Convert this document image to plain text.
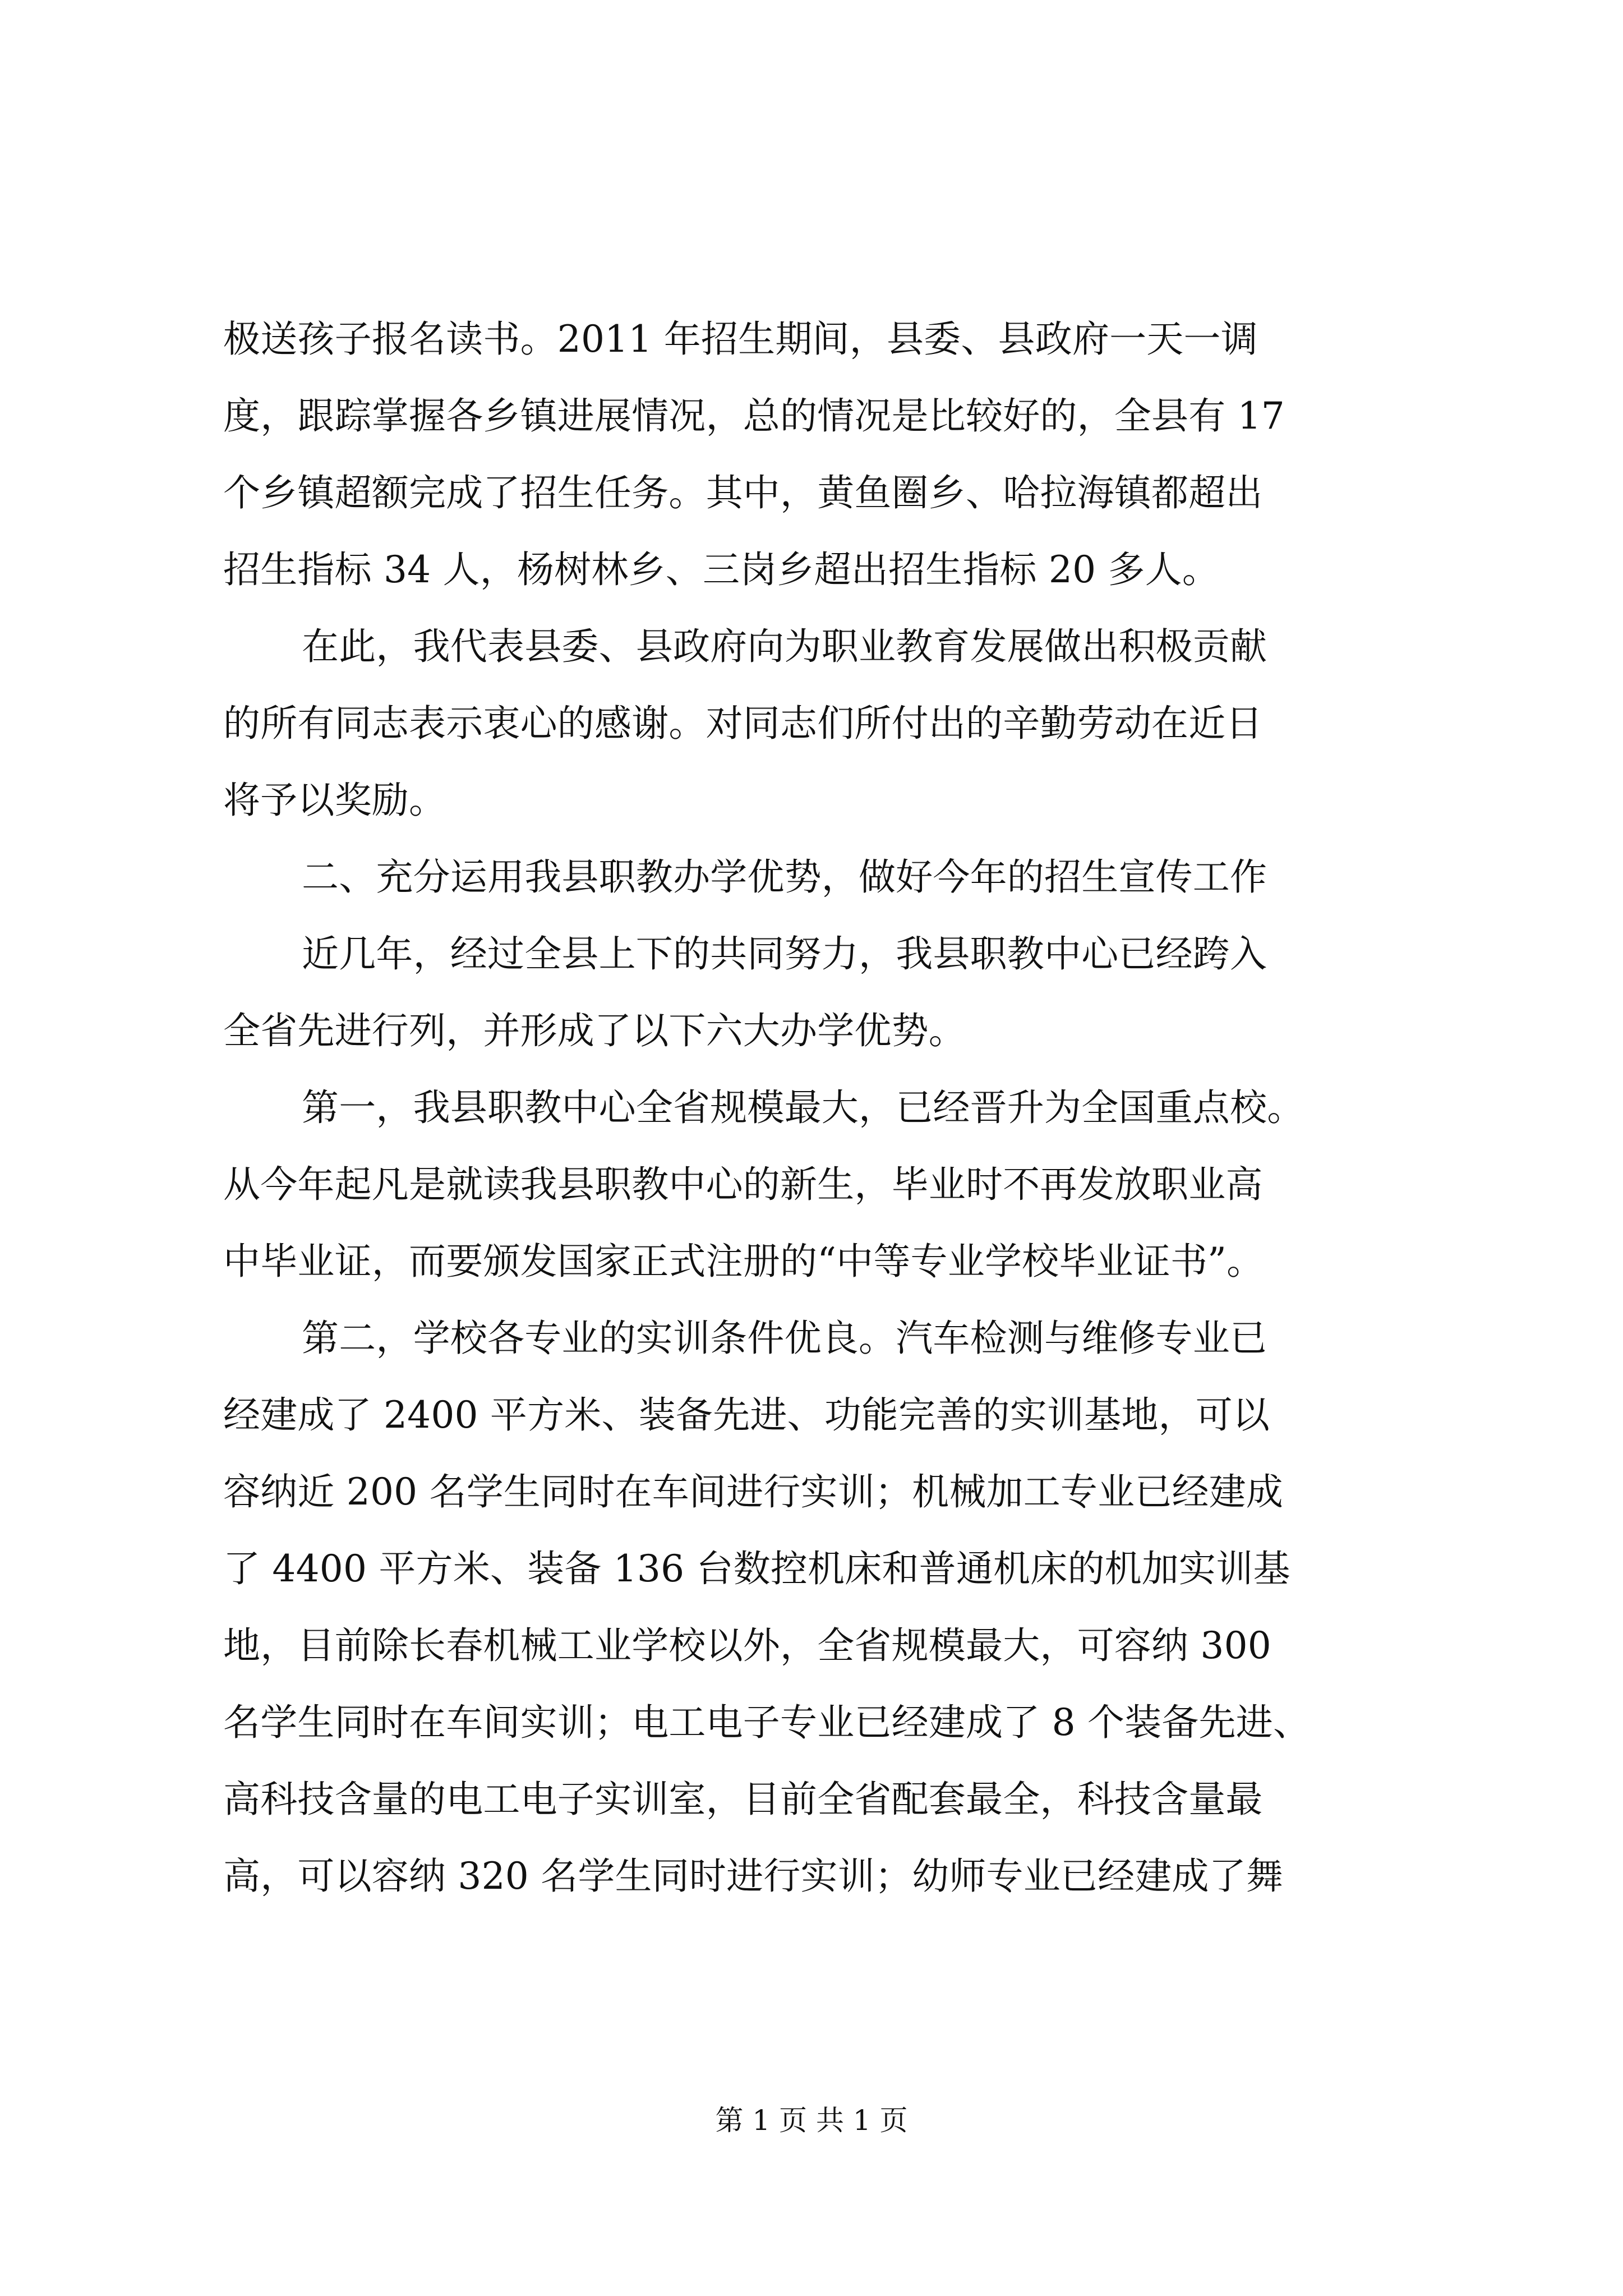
极送孩子报名读书。2011 年招生期间，县委、县政府一天一调
度，跟踪掌握各乡镇进展情况，总的情况是比较好的，全县有 17
个乡镇超额完成了招生任务。其中，黄鱼圈乡、哈拉海镇都超出
招生指标 34 人，杨树林乡、三岗乡超出招生指标 20 多人。
在此，我代表县委、县政府向为职业教育发展做出积极贡献
的所有同志表示衷心的感谢。对同志们所付出的辛勤劳动在近日
将予以奖励。
二、充分运用我县职教办学优势，做好今年的招生宣传工作
近几年，经过全县上下的共同努力，我县职教中心已经跨入
全省先进行列，并形成了以下六大办学优势。
第一，我县职教中心全省规模最大，已经晋升为全国重点校。
从今年起凡是就读我县职教中心的新生，毕业时不再发放职业高
中毕业证，而要颁发国家正式注册的“中等专业学校毕业证书”。
第二，学校各专业的实训条件优良。汽车检测与维修专业已
经建成了 2400 平方米、装备先进、功能完善的实训基地，可以
容纳近 200 名学生同时在车间进行实训；机械加工专业已经建成
了 4400 平方米、装备 136 台数控机床和普通机床的机加实训基
地，目前除长春机械工业学校以外，全省规模最大，可容纳 300
名学生同时在车间实训；电工电子专业已经建成了 8 个装备先进、
高科技含量的电工电子实训室，目前全省配套最全，科技含量最
高，可以容纳 320 名学生同时进行实训；幼师专业已经建成了舞
第 1 页 共 1 页
